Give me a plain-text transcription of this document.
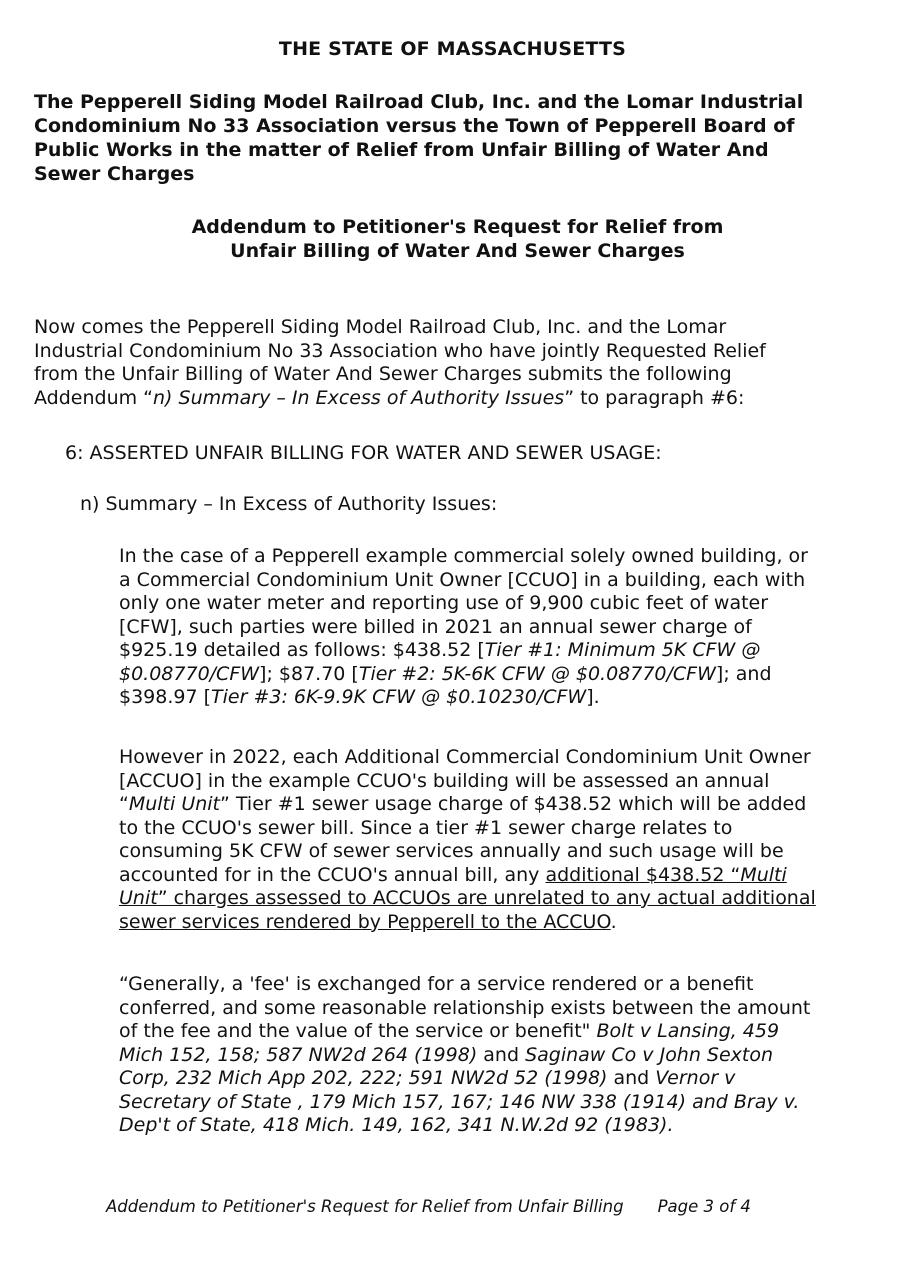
THE STATE OF MASSACHUSETTS
The Pepperell Siding Model Railroad Club, Inc. and the Lomar Industrial
Condominium No 33 Association versus the Town of Pepperell Board of
Public Works in the matter of Relief from Unfair Billing of Water And
Sewer Charges
Addendum to Petitioner's Request for Relief from
Unfair Billing of Water And Sewer Charges
Now comes the Pepperell Siding Model Railroad Club, Inc. and the Lomar
Industrial Condominium No 33 Association who have jointly Requested Relief
from the Unfair Billing of Water And Sewer Charges submits the following
Addendum “n) Summary – In Excess of Authority Issues” to paragraph #6:
6: ASSERTED UNFAIR BILLING FOR WATER AND SEWER USAGE:
n) Summary – In Excess of Authority Issues:
In the case of a Pepperell example commercial solely owned building, or
a Commercial Condominium Unit Owner [CCUO] in a building, each with
only one water meter and reporting use of 9,900 cubic feet of water
[CFW], such parties were billed in 2021 an annual sewer charge of
$925.19 detailed as follows: $438.52 [Tier #1: Minimum 5K CFW @
$0.08770/CFW]; $87.70 [Tier #2: 5K-6K CFW @ $0.08770/CFW]; and
$398.97 [Tier #3: 6K-9.9K CFW @ $0.10230/CFW].
However in 2022, each Additional Commercial Condominium Unit Owner
[ACCUO] in the example CCUO's building will be assessed an annual
“Multi Unit” Tier #1 sewer usage charge of $438.52 which will be added
to the CCUO's sewer bill. Since a tier #1 sewer charge relates to
consuming 5K CFW of sewer services annually and such usage will be
accounted for in the CCUO's annual bill, any additional $438.52 “Multi
Unit” charges assessed to ACCUOs are unrelated to any actual additional
sewer services rendered by Pepperell to the ACCUO.
“Generally, a 'fee' is exchanged for a service rendered or a benefit
conferred, and some reasonable relationship exists between the amount
of the fee and the value of the service or benefit" Bolt v Lansing, 459
Mich 152, 158; 587 NW2d 264 (1998) and Saginaw Co v John Sexton
Corp, 232 Mich App 202, 222; 591 NW2d 52 (1998) and Vernor v
Secretary of State , 179 Mich 157, 167; 146 NW 338 (1914) and Bray v.
Dep't of State, 418 Mich. 149, 162, 341 N.W.2d 92 (1983).
Addendum to Petitioner's Request for Relief from Unfair Billing Page 3 of 4
